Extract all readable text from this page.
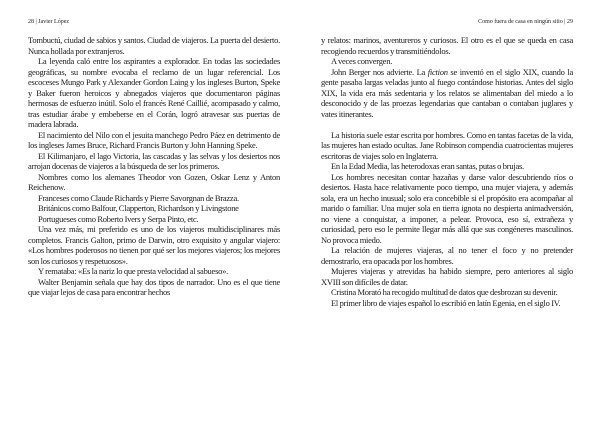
28 | Javier López

Tombuctú, ciudad de sabios y santos. Ciudad de viajeros. La puerta del desierto. Nunca hollada por extranjeros.

La leyenda caló entre los aspirantes a explorador. En todas las sociedades geográficas, su nombre evocaba el reclamo de un lugar referencial. Los escoceses Mungo Park y Alexander Gordon Laing y los ingleses Burton, Speke y Baker fueron heroicos y abnegados viajeros que documentaron páginas hermosas de esfuerzo inútil. Solo el francés René Caillié, acompasado y calmo, tras estudiar árabe y embeberse en el Corán, logró atravesar sus puertas de madera labrada.

El nacimiento del Nilo con el jesuita manchego Pedro Páez en detrimento de los ingleses James Bruce, Richard Francis Burton y John Hanning Speke.

El Kilimanjaro, el lago Victoria, las cascadas y las selvas y los desiertos nos arrojan docenas de viajeros a la búsqueda de ser los primeros.

Nombres como los alemanes Theodor von Gozen, Oskar Lenz y Anton Reichenow.

Franceses como Claude Richards y Pierre Savorgnan de Brazza.

Británicos como Balfour, Clapperton, Richardson y Livingstone

Portugueses como Roberto Ivers y Serpa Pinto, etc.

Una vez más, mi preferido es uno de los viajeros multidisciplinares más completos. Francis Galton, primo de Darwin, otro exquisito y angular viajero: «Los hombres poderosos no tienen por qué ser los mejores viajeros; los mejores son los curiosos y respetuosos».

Y remataba: «Es la nariz lo que presta velocidad al sabueso».

Walter Benjamin señala que hay dos tipos de narrador. Uno es el que tiene que viajar lejos de casa para encontrar hechos

Como fuera de casa en ningún sitio | 29

y relatos: marinos, aventureros y curiosos. El otro es el que se queda en casa recogiendo recuerdos y transmitiéndolos.

A veces convergen.

John Berger nos advierte. La fiction se inventó en el siglo XIX, cuando la gente pasaba largas veladas junto al fuego contándose historias. Antes del siglo XIX, la vida era más sedentaria y los relatos se alimentaban del miedo a lo desconocido y de las proezas legendarias que cantaban o contaban juglares y vates itinerantes.

La historia suele estar escrita por hombres. Como en tantas facetas de la vida, las mujeres han estado ocultas. Jane Robinson compendia cuatrocientas mujeres escritoras de viajes solo en Inglaterra.

En la Edad Media, las heterodoxas eran santas, putas o brujas.

Los hombres necesitan contar hazañas y darse valor descubriendo ríos o desiertos. Hasta hace relativamente poco tiempo, una mujer viajera, y además sola, era un hecho inusual; solo era concebible si el propósito era acompañar al marido o familiar. Una mujer sola en tierra ignota no despierta animadversión, no viene a conquistar, a imponer, a pelear. Provoca, eso sí, extrañeza y curiosidad, pero eso le permite llegar más allá que sus congéneres masculinos. No provoca miedo.

La relación de mujeres viajeras, al no tener el foco y no pretender demostrarlo, era opacada por los hombres.

Mujeres viajeras y atrevidas ha habido siempre, pero anteriores al siglo XVIII son difíciles de datar.

Cristina Morató ha recogido multitud de datos que desbrozan su devenir.

El primer libro de viajes español lo escribió en latín Egenia, en el siglo IV.
